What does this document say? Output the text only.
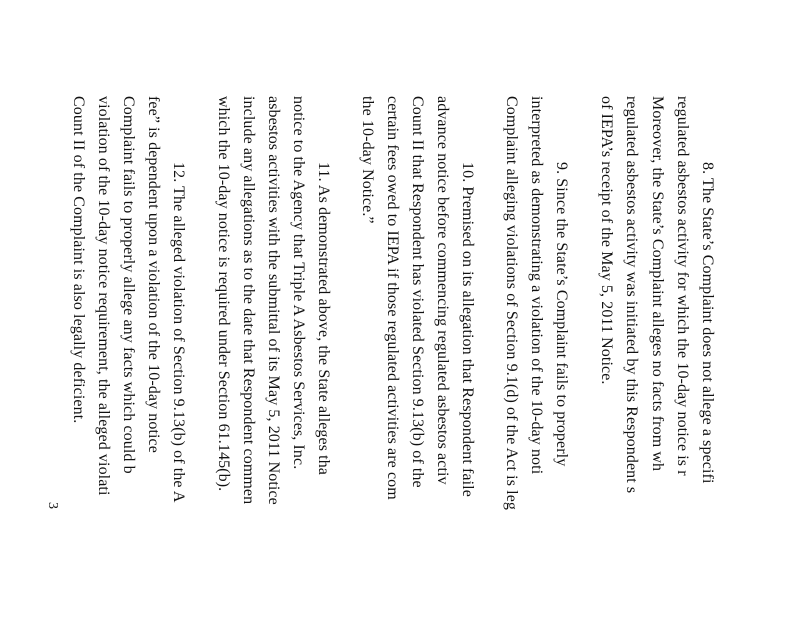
8. The State’s Complaint does not allege a specifi
regulated asbestos activity for which the 10-day notice is r
Moreover, the State’s Complaint alleges no facts from wh
regulated asbestos activity was initiated by this Respondent s
of IEPA’s receipt of the May 5, 2011 Notice.
9. Since the State’s Complaint fails to properly
interpreted as demonstrating a violation of the 10-day noti
Complaint alleging violations of Section 9.1(d) of the Act is leg
10. Premised on its allegation that Respondent faile
advance notice before commencing regulated asbestos activ
Count II that Respondent has violated Section 9.13(b) of the
certain fees owed to IEPA if those regulated activities are com
the 10-day Notice.”
11. As demonstrated above, the State alleges tha
notice to the Agency that Triple A Asbestos Services, Inc.
asbestos activities with the submittal of its May 5, 2011 Notice
include any allegations as to the date that Respondent commen
which the 10-day notice is required under Section 61.145(b).
12. The alleged violation of Section 9.13(b) of the A
fee” is dependent upon a violation of the 10-day notice
Complaint fails to properly allege any facts which could b
violation of the 10-day notice requirement, the alleged violati
Count II of the Complaint is also legally deficient.
3
